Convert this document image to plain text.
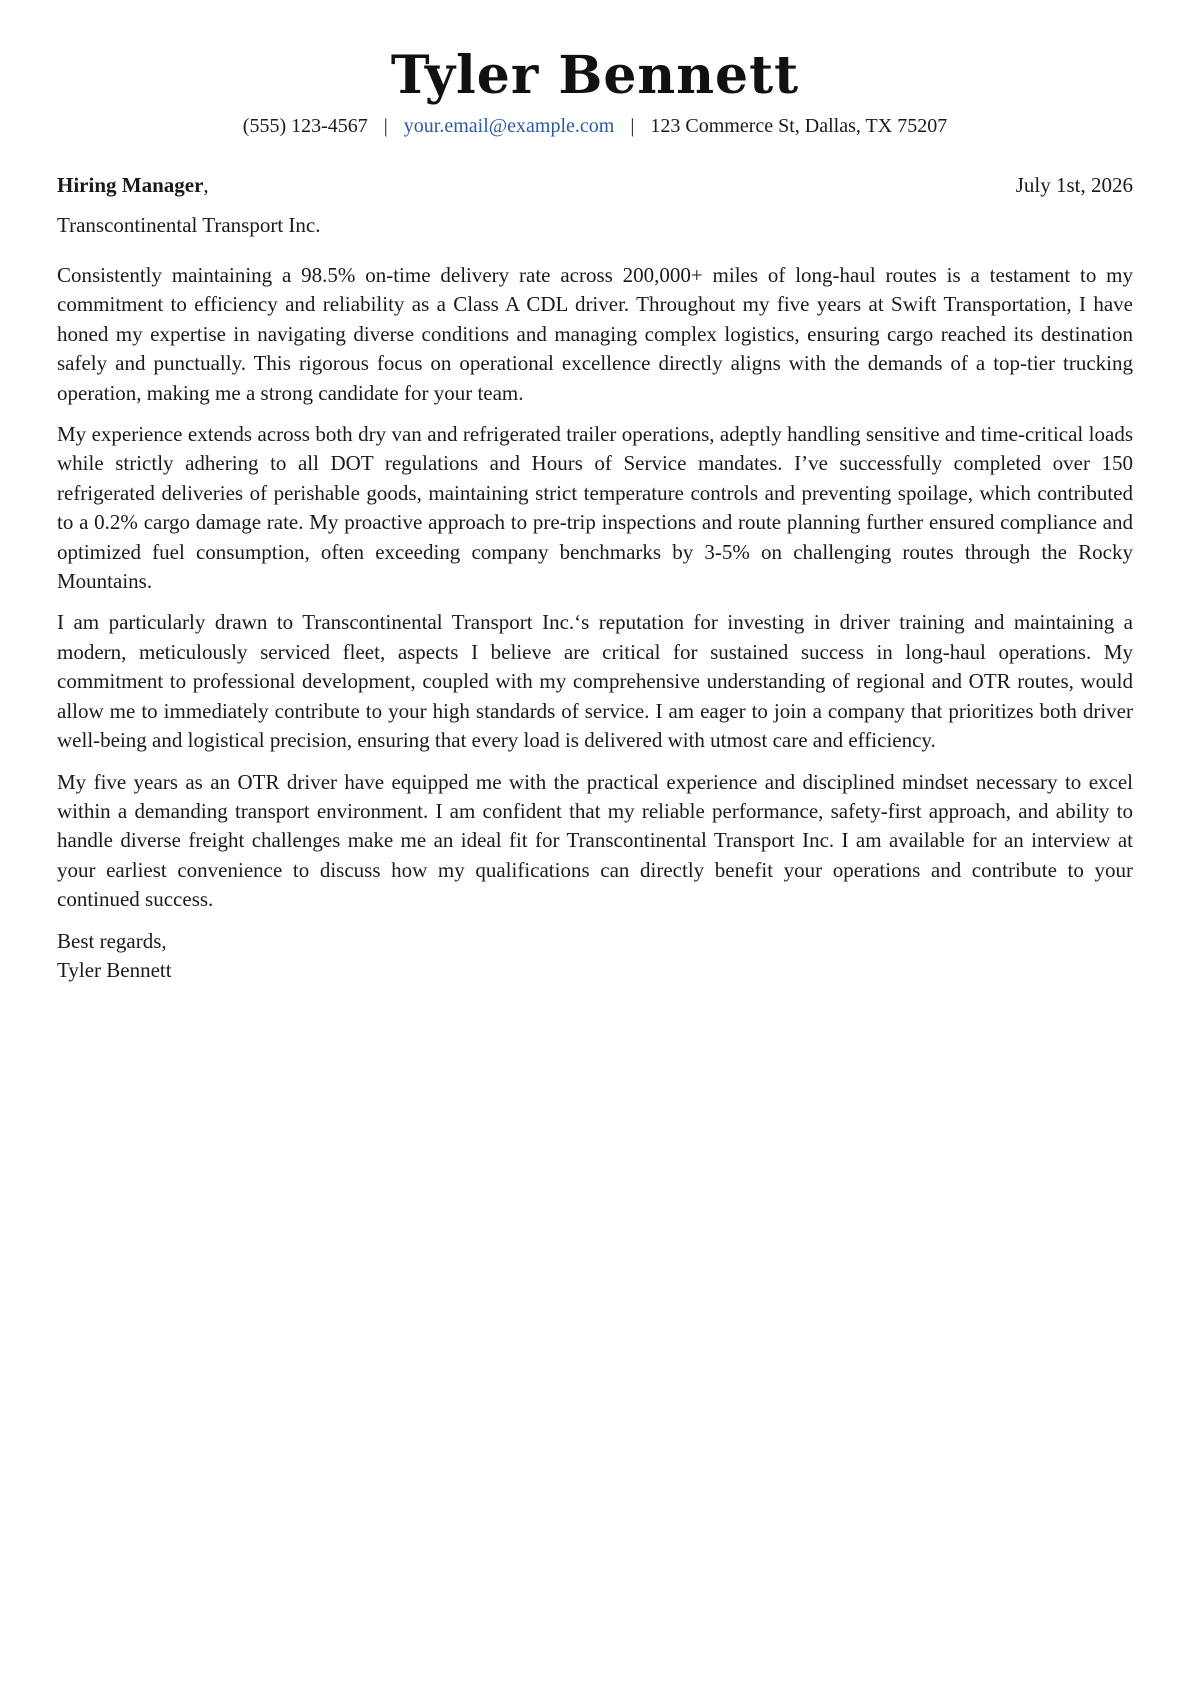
Tyler Bennett
(555) 123-4567 | your.email@example.com | 123 Commerce St, Dallas, TX 75207
Hiring Manager,	July 1st, 2026
Transcontinental Transport Inc.

Consistently maintaining a 98.5% on-time delivery rate across 200,000+ miles of long-haul routes is a testament to my commitment to efficiency and reliability as a Class A CDL driver. Throughout my five years at Swift Transportation, I have honed my expertise in navigating diverse conditions and managing complex logistics, ensuring cargo reached its destination safely and punctually. This rigorous focus on operational excellence directly aligns with the demands of a top-tier trucking operation, making me a strong candidate for your team.

My experience extends across both dry van and refrigerated trailer operations, adeptly handling sensitive and time-critical loads while strictly adhering to all DOT regulations and Hours of Service mandates. I’ve successfully completed over 150 refrigerated deliveries of perishable goods, maintaining strict temperature controls and preventing spoilage, which contributed to a 0.2% cargo damage rate. My proactive approach to pre-trip inspections and route planning further ensured compliance and optimized fuel consumption, often exceeding company benchmarks by 3-5% on challenging routes through the Rocky Mountains.

I am particularly drawn to Transcontinental Transport Inc.‘s reputation for investing in driver training and maintaining a modern, meticulously serviced fleet, aspects I believe are critical for sustained success in long-haul operations. My commitment to professional development, coupled with my comprehensive understanding of regional and OTR routes, would allow me to immediately contribute to your high standards of service. I am eager to join a company that prioritizes both driver well-being and logistical precision, ensuring that every load is delivered with utmost care and efficiency.

My five years as an OTR driver have equipped me with the practical experience and disciplined mindset necessary to excel within a demanding transport environment. I am confident that my reliable performance, safety-first approach, and ability to handle diverse freight challenges make me an ideal fit for Transcontinental Transport Inc. I am available for an interview at your earliest convenience to discuss how my qualifications can directly benefit your operations and contribute to your continued success.

Best regards,
Tyler Bennett
